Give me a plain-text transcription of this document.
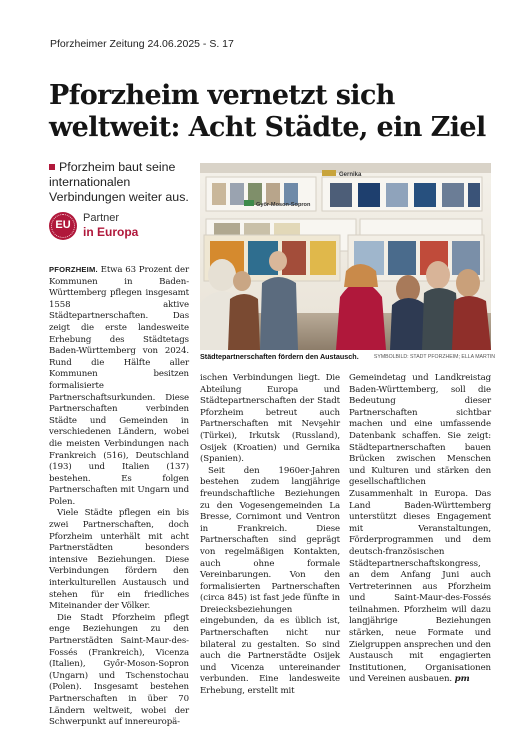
Pforzheimer Zeitung 24.06.2025 - S. 17
Pforzheim vernetzt sich
weltweit: Acht Städte, ein Ziel
Pforzheim baut seine internationalen Verbindungen weiter aus.
EU
Partner
in Europa
Gernika
Győr-Moson-Sopron
Städtepartnerschaften fördern den Austausch.	SYMBOLBILD: STADT PFORZHEIM; ELLA MARTIN

PFORZHEIM. Etwa 63 Prozent der Kommunen in Baden-Württemberg pflegen insgesamt 1558 aktive Städtepartnerschaften. Das zeigt die erste landesweite Erhebung des Städtetags Baden-Württemberg von 2024. Rund die Hälfte aller Kommunen besitzen formalisierte Partnerschaftsurkunden. Diese Partnerschaften verbinden Städte und Gemeinden in verschiedenen Ländern, wobei die meisten Verbindungen nach Frankreich (516), Deutschland (193) und Italien (137) bestehen. Es folgen Partnerschaften mit Ungarn und Polen.

Viele Städte pflegen ein bis zwei Partnerschaften, doch Pforzheim unterhält mit acht Partnerstädten besonders intensive Beziehungen. Diese Verbindungen fördern den interkulturellen Austausch und stehen für ein friedliches Miteinander der Völker.

Die Stadt Pforzheim pflegt enge Beziehungen zu den Partnerstädten Saint-Maur-des-Fossés (Frankreich), Vicenza (Italien), Győr-Moson-Sopron (Ungarn) und Tschenstochau (Polen). Insgesamt bestehen Partnerschaften in über 70 Ländern weltweit, wobei der Schwerpunkt auf innereuropä-

ischen Verbindungen liegt. Die Abteilung Europa und Städtepartnerschaften der Stadt Pforzheim betreut auch Partnerschaften mit Nevşehir (Türkei), Irkutsk (Russland), Osijek (Kroatien) und Gernika (Spanien).

Seit den 1960er-Jahren bestehen zudem langjährige freundschaftliche Beziehungen zu den Vogesengemeinden La Bresse, Cornimont und Ventron in Frankreich. Diese Partnerschaften sind geprägt von regelmäßigen Kontakten, auch ohne formale Vereinbarungen. Von den formalisierten Partnerschaften (circa 845) ist fast jede fünfte in Dreiecksbeziehungen eingebunden, da es üblich ist, Partnerschaften nicht nur bilateral zu gestalten. So sind auch die Partnerstädte Osijek und Vicenza untereinander verbunden. Eine landesweite Erhebung, erstellt mit

Gemeindetag und Landkreistag Baden-Württemberg, soll die Bedeutung dieser Partnerschaften sichtbar machen und eine umfassende Datenbank schaffen. Sie zeigt: Städtepartnerschaften bauen Brücken zwischen Menschen und Kulturen und stärken den gesellschaftlichen Zusammenhalt in Europa. Das Land Baden-Württemberg unterstützt dieses Engagement mit Veranstaltungen, Förderprogrammen und dem deutsch-französischen Städtepartnerschaftskongress, an dem Anfang Juni auch Vertreterinnen aus Pforzheim und Saint-Maur-des-Fossés teilnahmen. Pforzheim will dazu langjährige Beziehungen stärken, neue Formate und Zielgruppen ansprechen und den Austausch mit engagierten Institutionen, Organisationen und Vereinen ausbauen. pm
